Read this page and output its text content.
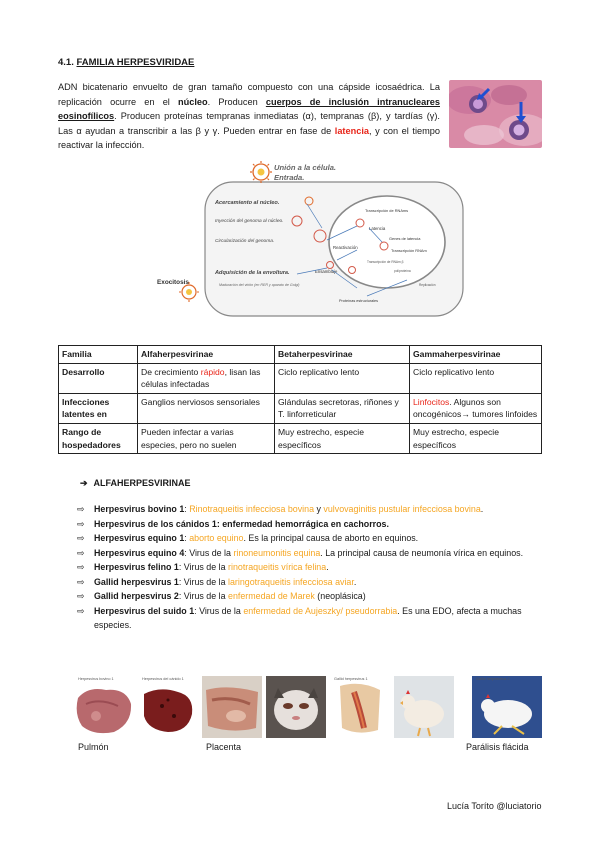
4.1. FAMILIA HERPESVIRIDAE
ADN bicatenario envuelto de gran tamaño compuesto con una cápside icosaédrica. La replicación ocurre en el núcleo. Producen cuerpos de inclusión intranucleares eosinofílicos. Producen proteínas tempranas inmediatas (α), tempranas (β), y tardías (γ). Las α ayudan a transcribir a las β y γ. Pueden entrar en fase de latencia, y con el tiempo reactivar la infección.
Unión a la célula.
Entrada.
Acercamiento al núcleo.
Inyección del genoma al núcleo.
Circularización del genoma.
Adquisición de la envoltura.
Maduración del virión (en RER y aparato de Golgi)
Exocitosis
Transcripción de RNAms
Latencia
Genes de latencia
Reactivación
Transcripción RNAm
Transcripción de RNAm β
poliproteína
Ensamblaje
Replicación
Proteínas estructurales
Familia	Alfaherpesvirinae	Betaherpesvirinae	Gammaherpesvirinae
Desarrollo	De crecimiento rápido, lisan las células infectadas	Ciclo replicativo lento	Ciclo replicativo lento
Infecciones latentes en	Ganglios nerviosos sensoriales	Glándulas secretoras, riñones y T. linforreticular	Linfocitos. Algunos son oncogénicos→ tumores linfoides
Rango de hospedadores	Pueden infectar a varias especies, pero no suelen	Muy estrecho, especie específicos	Muy estrecho, especie específicos
➔ ALFAHERPESVIRINAE
⇨ Herpesvirus bovino 1: Rinotraqueitis infecciosa bovina y vulvovaginitis pustular infecciosa bovina.
⇨ Herpesvirus de los cánidos 1: enfermedad hemorrágica en cachorros.
⇨ Herpesvirus equino 1: aborto equino. Es la principal causa de aborto en equinos.
⇨ Herpesvirus equino 4: Virus de la rinoneumonitis equina. La principal causa de neumonía vírica en equinos.
⇨ Herpesvirus felino 1: Virus de la rinotraqueitis vírica felina.
⇨ Gallid herpesvirus 1: Virus de la laringotraqueitis infecciosa aviar.
⇨ Gallid herpesvirus 2: Virus de la enfermedad de Marek (neoplásica)
⇨ Herpesvirus del suido 1: Virus de la enfermedad de Aujeszky/ pseudorrabia. Es una EDO, afecta a muchas especies.
Herpesvirus bovino 1	Herpesvirus del cánido 1	Gallid herpesvirus 1	Gallid herpesvirus 2
Pulmón	Placenta	Parálisis flácida
Lucía Toríto @luciatorio
